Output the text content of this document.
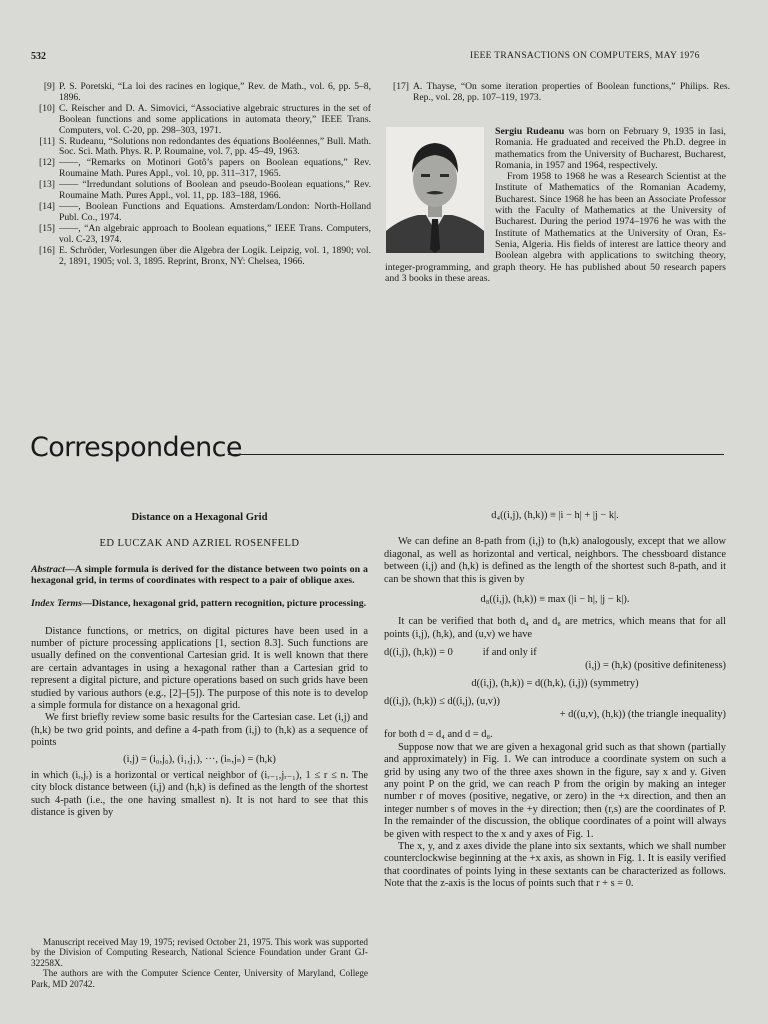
532	IEEE TRANSACTIONS ON COMPUTERS, MAY 1976
[9] P. S. Poretski, “La loi des racines en logique,” Rev. de Math., vol. 6, pp. 5–8, 1896.
[10] C. Reischer and D. A. Simovici, “Associative algebraic structures in the set of Boolean functions and some applications in automata theory,” IEEE Trans. Computers, vol. C-20, pp. 298–303, 1971.
[11] S. Rudeanu, “Solutions non redondantes des équations Booléennes,” Bull. Math. Soc. Sci. Math. Phys. R. P. Roumaine, vol. 7, pp. 45–49, 1963.
[12] ——, “Remarks on Motinori Gotô’s papers on Boolean equations,” Rev. Roumaine Math. Pures Appl., vol. 10, pp. 311–317, 1965.
[13] —— “Irredundant solutions of Boolean and pseudo-Boolean equations,” Rev. Roumaine Math. Pures Appl., vol. 11, pp. 183–188, 1966.
[14] ——, Boolean Functions and Equations. Amsterdam/London: North-Holland Publ. Co., 1974.
[15] ——, “An algebraic approach to Boolean equations,” IEEE Trans. Computers, vol. C-23, 1974.
[16] E. Schröder, Vorlesungen über die Algebra der Logik. Leipzig, vol. 1, 1890; vol. 2, 1891, 1905; vol. 3, 1895. Reprint, Bronx, NY: Chelsea, 1966.
[17] A. Thayse, “On some iteration properties of Boolean functions,” Philips. Res. Rep., vol. 28, pp. 107–119, 1973.

Sergiu Rudeanu was born on February 9, 1935 in Iasi, Romania. He graduated and received the Ph.D. degree in mathematics from the University of Bucharest, Bucharest, Romania, in 1957 and 1964, respectively.

From 1958 to 1968 he was a Research Scientist at the Institute of Mathematics of the Romanian Academy, Bucharest. Since 1968 he has been an Associate Professor with the Faculty of Mathematics at the University of Bucharest. During the period 1974–1976 he was with the Institute of Mathematics at the University of Oran, Es-Senia, Algeria. His fields of interest are lattice theory and Boolean algebra with applications to switching theory, integer-programming, and graph theory. He has published about 50 research papers and 3 books in these areas.

Correspondence
Distance on a Hexagonal Grid
ED LUCZAK AND AZRIEL ROSENFELD
Abstract—A simple formula is derived for the distance between two points on a hexagonal grid, in terms of coordinates with respect to a pair of oblique axes.
Index Terms—Distance, hexagonal grid, pattern recognition, picture processing.

Distance functions, or metrics, on digital pictures have been used in a number of picture processing applications [1, section 8.3]. Such functions are usually defined on the conventional Cartesian grid. It is well known that there are certain advantages in using a hexagonal rather than a Cartesian grid to represent a digital picture, and picture operations based on such grids have been studied by various authors (e.g., [2]–[5]). The purpose of this note is to develop a simple formula for distance on a hexagonal grid.

We first briefly review some basic results for the Cartesian case. Let (i,j) and (h,k) be two grid points, and define a 4-path from (i,j) to (h,k) as a sequence of points

(i,j) = (i₀,j₀), (i₁,j₁), ···, (iₙ,jₙ) = (h,k)

in which (iᵣ,jᵣ) is a horizontal or vertical neighbor of (iᵣ₋₁,jᵣ₋₁), 1 ≤ r ≤ n. The city block distance between (i,j) and (h,k) is defined as the length of the shortest such 4-path (i.e., the one having smallest n). It is not hard to see that this distance is given by

Manuscript received May 19, 1975; revised October 21, 1975. This work was supported by the Division of Computing Research, National Science Foundation under Grant GJ-32258X.

The authors are with the Computer Science Center, University of Maryland, College Park, MD 20742.

d₄((i,j), (h,k)) ≡ |i − h| + |j − k|.

We can define an 8-path from (i,j) to (h,k) analogously, except that we allow diagonal, as well as horizontal and vertical, neighbors. The chessboard distance between (i,j) and (h,k) is defined as the length of the shortest such 8-path, and it can be shown that this is given by

d₈((i,j), (h,k)) ≡ max (|i − h|, |j − k|).

It can be verified that both d₄ and d₈ are metrics, which means that for all points (i,j), (h,k), and (u,v) we have

d((i,j), (h,k)) = 0	if and only if
(i,j) = (h,k) (positive definiteness)
d((i,j), (h,k)) = d((h,k), (i,j)) (symmetry)
d((i,j), (h,k)) ≤ d((i,j), (u,v))
+ d((u,v), (h,k)) (the triangle inequality)

for both d = d₄ and d = d₈.

Suppose now that we are given a hexagonal grid such as that shown (partially and approximately) in Fig. 1. We can introduce a coordinate system on such a grid by using any two of the three axes shown in the figure, say x and y. Given any point P on the grid, we can reach P from the origin by making an integer number r of moves (positive, negative, or zero) in the +x direction, and then an integer number s of moves in the +y direction; then (r,s) are the coordinates of P. In the remainder of the discussion, the oblique coordinates of a point will always be given with respect to the x and y axes of Fig. 1.

The x, y, and z axes divide the plane into six sextants, which we shall number counterclockwise beginning at the +x axis, as shown in Fig. 1. It is easily verified that coordinates of points lying in these sextants can be characterized as follows. Note that the z-axis is the locus of points such that r + s = 0.
